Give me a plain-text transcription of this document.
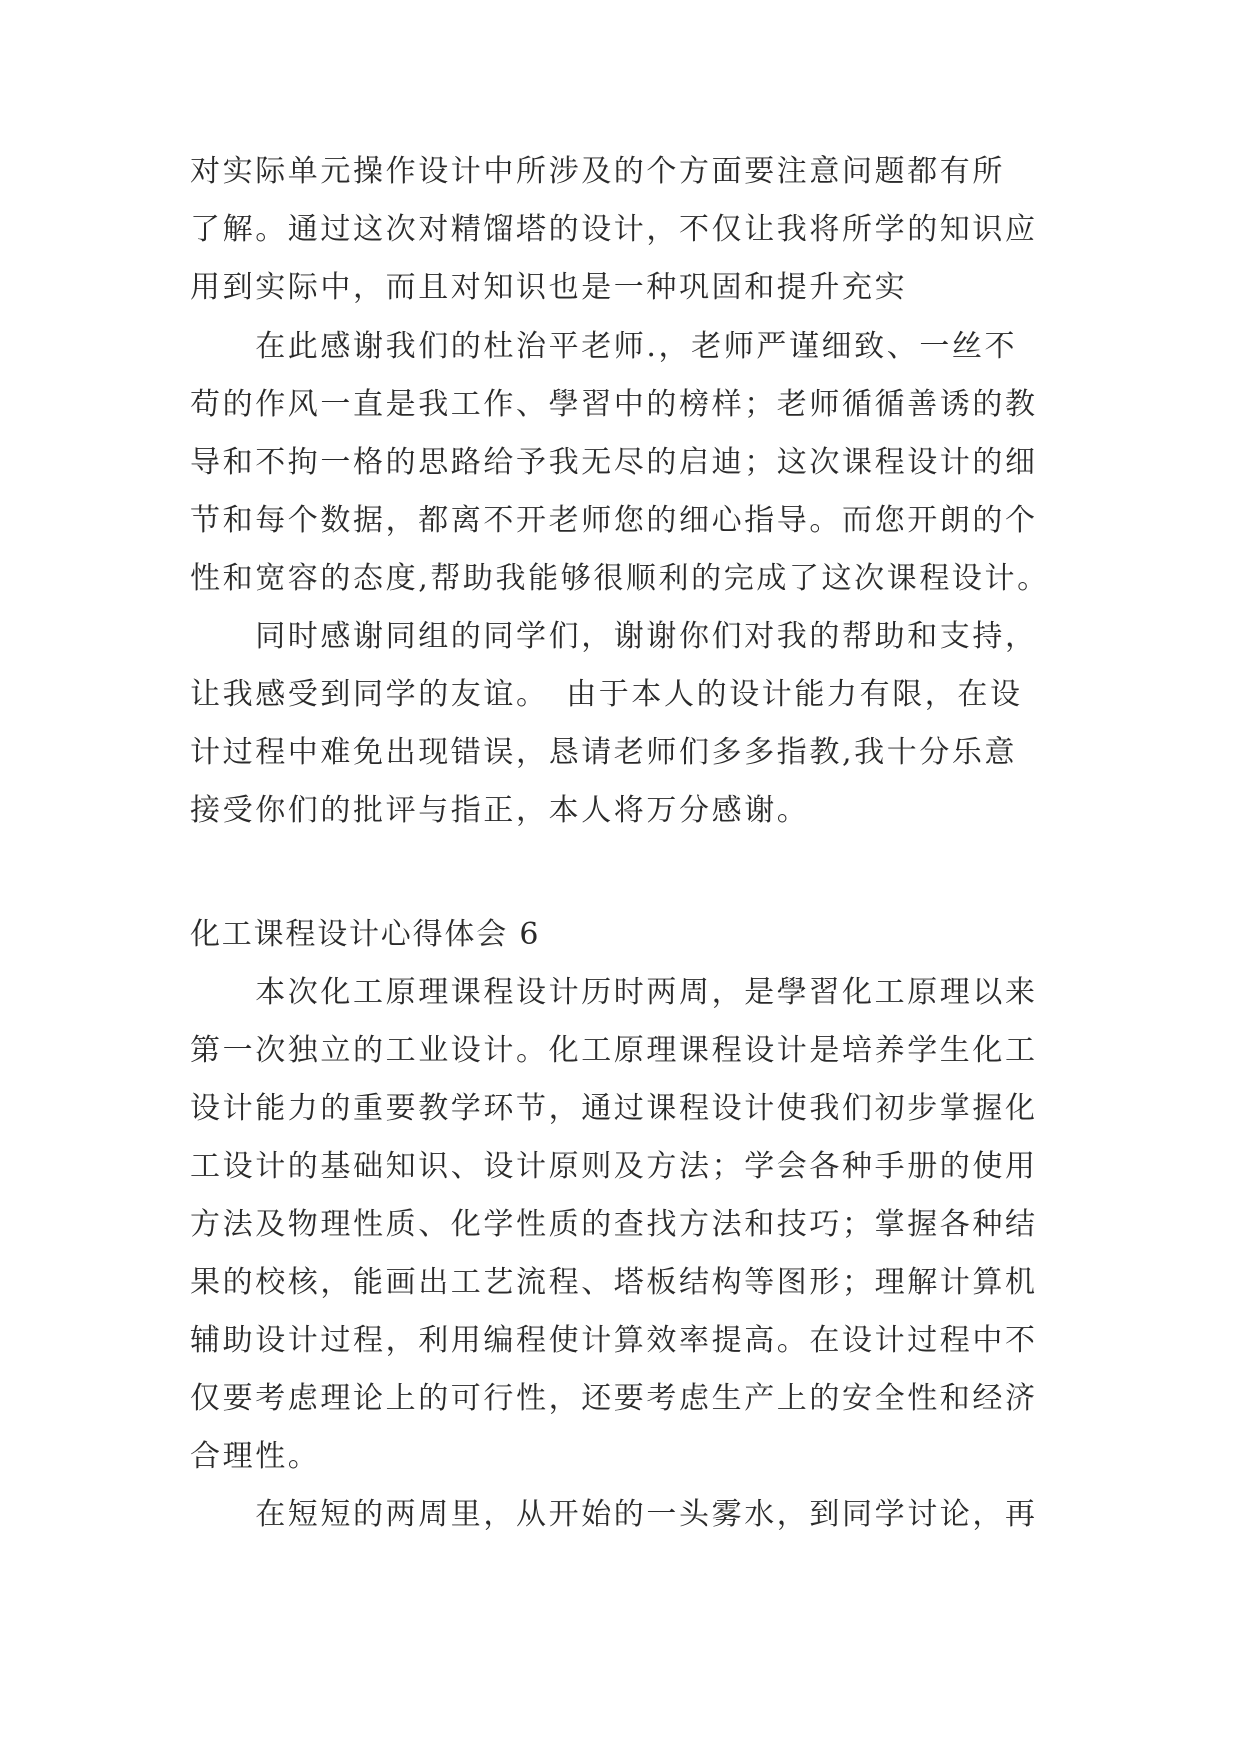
对实际单元操作设计中所涉及的个方面要注意问题都有所
了解。通过这次对精馏塔的设计，不仅让我将所学的知识应
用到实际中，而且对知识也是一种巩固和提升充实
　　在此感谢我们的杜治平老师.，老师严谨细致、一丝不
苟的作风一直是我工作、學習中的榜样；老师循循善诱的教
导和不拘一格的思路给予我无尽的启迪；这次课程设计的细
节和每个数据，都离不开老师您的细心指导。而您开朗的个
性和宽容的态度,帮助我能够很顺利的完成了这次课程设计。
　　同时感谢同组的同学们，谢谢你们对我的帮助和支持，
让我感受到同学的友谊。　由于本人的设计能力有限，在设
计过程中难免出现错误，恳请老师们多多指教,我十分乐意
接受你们的批评与指正，本人将万分感谢。
化工课程设计心得体会 6
　　本次化工原理课程设计历时两周，是學習化工原理以来
第一次独立的工业设计。化工原理课程设计是培养学生化工
设计能力的重要教学环节，通过课程设计使我们初步掌握化
工设计的基础知识、设计原则及方法；学会各种手册的使用
方法及物理性质、化学性质的查找方法和技巧；掌握各种结
果的校核，能画出工艺流程、塔板结构等图形；理解计算机
辅助设计过程，利用编程使计算效率提高。在设计过程中不
仅要考虑理论上的可行性，还要考虑生产上的安全性和经济
合理性。
　　在短短的两周里，从开始的一头雾水，到同学讨论，再
